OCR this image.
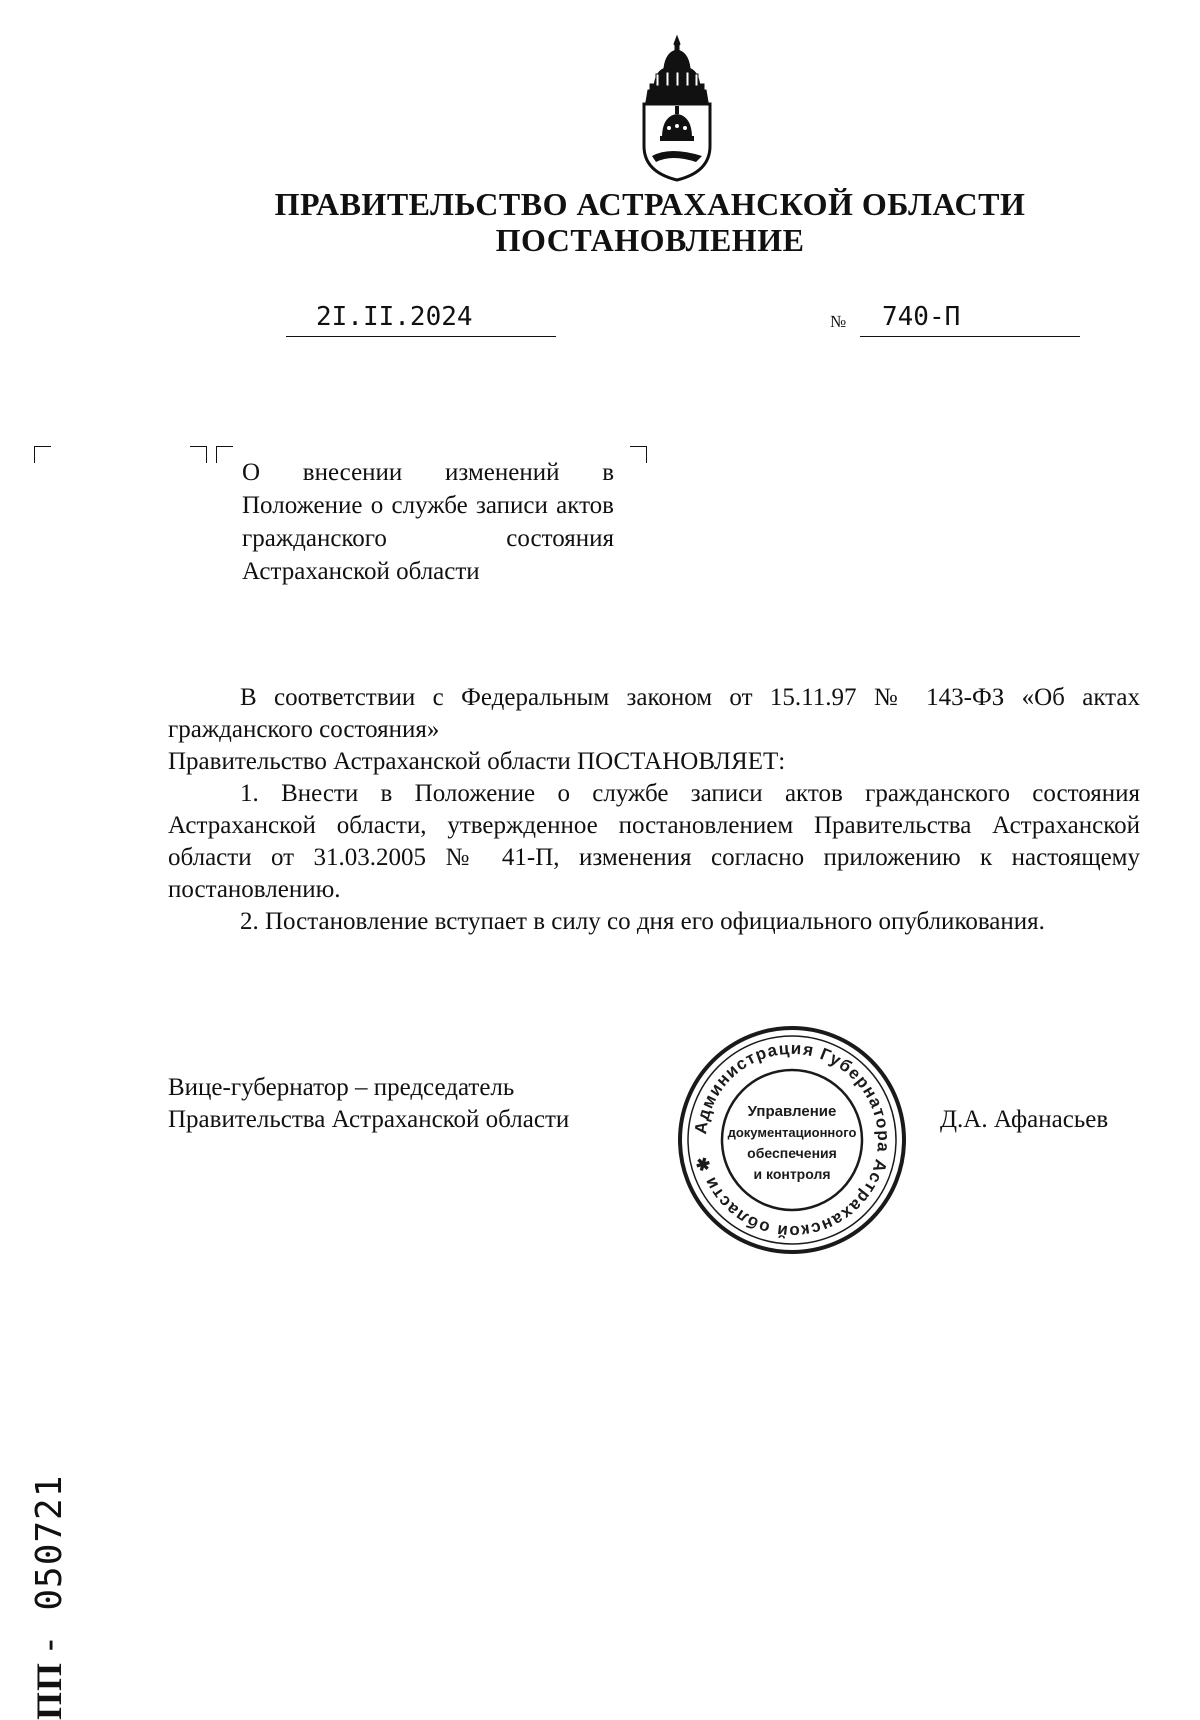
ПРАВИТЕЛЬСТВО АСТРАХАНСКОЙ ОБЛАСТИ
ПОСТАНОВЛЕНИЕ
2I.II.2024	№ 740-П
О внесении изменений в Положение о службе записи актов гражданского состояния Астраханской области
В соответствии с Федеральным законом от 15.11.97 № 143-ФЗ «Об актах гражданского состояния»
Правительство Астраханской области ПОСТАНОВЛЯЕТ:
1. Внести в Положение о службе записи актов гражданского состояния Астраханской области, утвержденное постановлением Правительства Астраханской области от 31.03.2005 № 41-П, изменения согласно приложению к настоящему постановлению.
2. Постановление вступает в силу со дня его официального опубликования.
Вице-губернатор – председатель
Правительства Астраханской области	Администрация Губернатора Астраханской области ✱
Управление
документационного
обеспечения
и контроля
Д.А. Афанасьев
ПП- 050721
